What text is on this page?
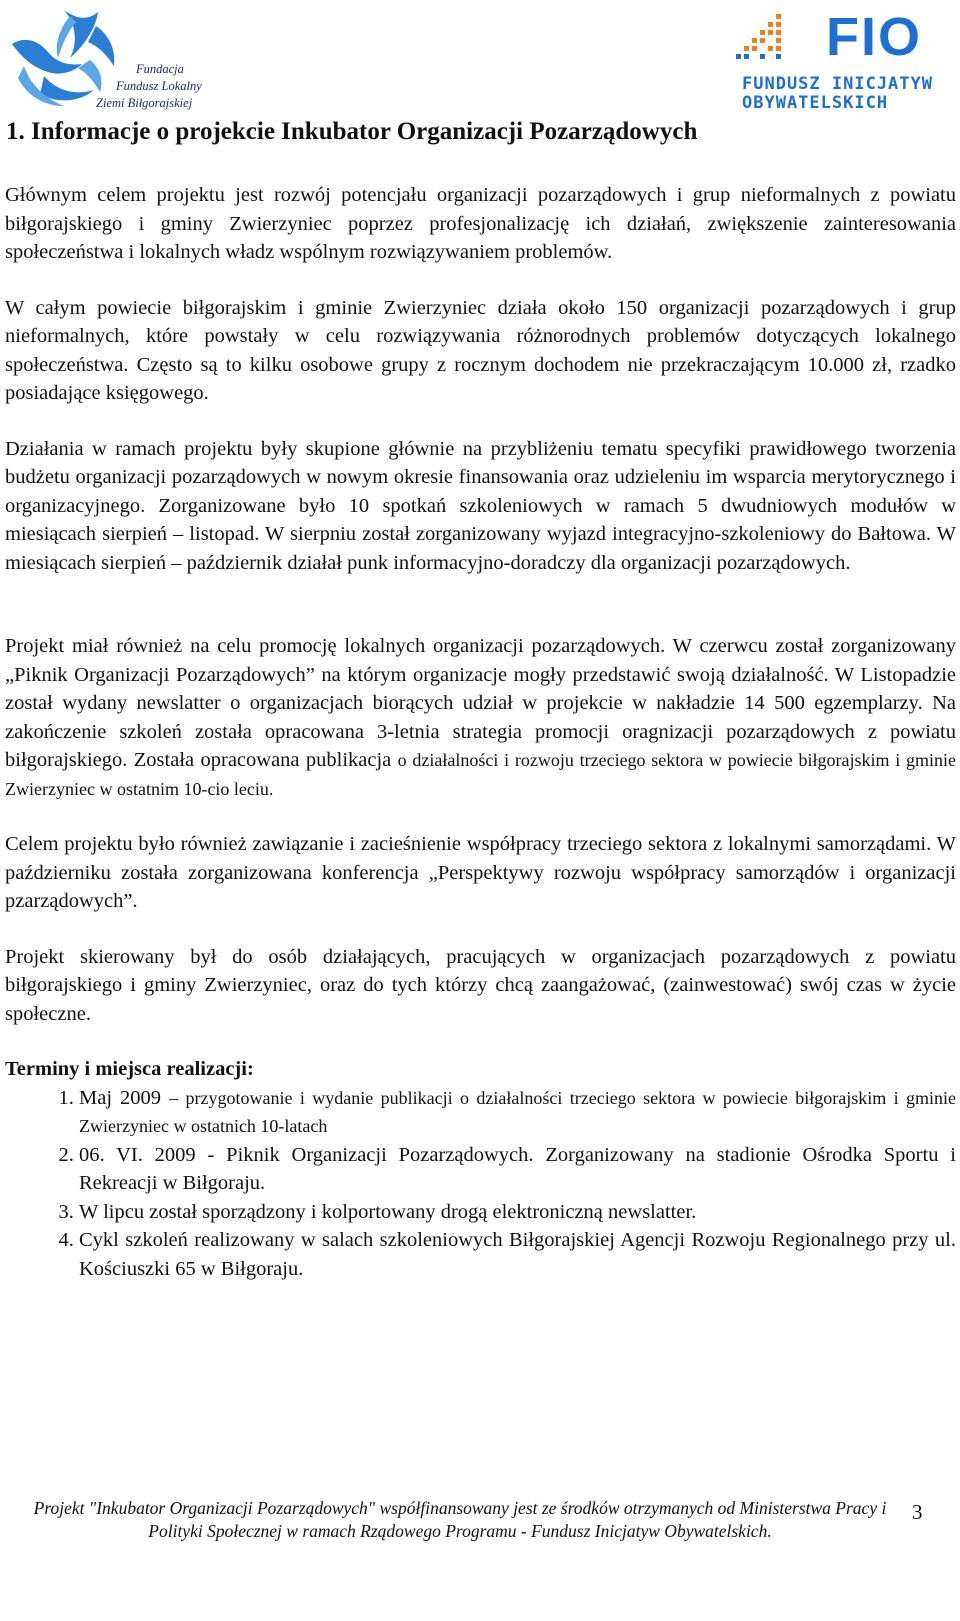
Fundacja
Fundusz Lokalny
Ziemi Biłgorajskiej
FIO
FUNDUSZ INICJATYW
OBYWATELSKICH
1. Informacje o projekcie Inkubator Organizacji Pozarządowych

Głównym celem projektu jest rozwój potencjału organizacji pozarządowych i grup nieformalnych z powiatu biłgorajskiego i gminy Zwierzyniec poprzez profesjonalizację ich działań, zwiększenie zainteresowania społeczeństwa i lokalnych władz wspólnym rozwiązywaniem problemów.

W całym powiecie biłgorajskim i gminie Zwierzyniec działa około 150 organizacji pozarządowych i grup nieformalnych, które powstały w celu rozwiązywania różnorodnych problemów dotyczących lokalnego społeczeństwa. Często są to kilku osobowe grupy z rocznym dochodem nie przekraczającym 10.000 zł, rzadko posiadające księgowego.

Działania w ramach projektu były skupione głównie na przybliżeniu tematu specyfiki prawidłowego tworzenia budżetu organizacji pozarządowych w nowym okresie finansowania oraz udzieleniu im wsparcia merytorycznego i organizacyjnego. Zorganizowane było 10 spotkań szkoleniowych w ramach 5 dwudniowych modułów w miesiącach sierpień – listopad. W sierpniu został zorganizowany wyjazd integracyjno-szkoleniowy do Bałtowa. W miesiącach sierpień – październik działał punk informacyjno-doradczy dla organizacji pozarządowych.

Projekt miał również na celu promocję lokalnych organizacji pozarządowych. W czerwcu został zorganizowany „Piknik Organizacji Pozarządowych” na którym organizacje mogły przedstawić swoją działalność. W Listopadzie został wydany newslatter o organizacjach biorących udział w projekcie w nakładzie 14 500 egzemplarzy. Na zakończenie szkoleń została opracowana 3-letnia strategia promocji oragnizacji pozarządowych z powiatu biłgorajskiego. Została opracowana publikacja o działalności i rozwoju trzeciego sektora w powiecie biłgorajskim i gminie Zwierzyniec w ostatnim 10-cio leciu.

Celem projektu było również zawiązanie i zacieśnienie współpracy trzeciego sektora z lokalnymi samorządami. W październiku została zorganizowana konferencja „Perspektywy rozwoju współpracy samorządów i organizacji pzarządowych”.

Projekt skierowany był do osób działających, pracujących w organizacjach pozarządowych z powiatu biłgorajskiego i gminy Zwierzyniec, oraz do tych którzy chcą zaangażować, (zainwestować) swój czas w życie społeczne.

Terminy i miejsca realizacji:

1. Maj 2009 – przygotowanie i wydanie publikacji o działalności trzeciego sektora w powiecie biłgorajskim i gminie Zwierzyniec w ostatnich 10-latach
2. 06. VI. 2009 - Piknik Organizacji Pozarządowych. Zorganizowany na stadionie Ośrodka Sportu i Rekreacji w Biłgoraju.
3. W lipcu został sporządzony i kolportowany drogą elektroniczną newslatter.
4. Cykl szkoleń realizowany w salach szkoleniowych Biłgorajskiej Agencji Rozwoju Regionalnego przy ul. Kościuszki 65 w Biłgoraju.
Projekt "Inkubator Organizacji Pozarządowych" współfinansowany jest ze środków otrzymanych od Ministerstwa Pracy i Polityki Społecznej w ramach Rządowego Programu - Fundusz Inicjatyw Obywatelskich.
3
